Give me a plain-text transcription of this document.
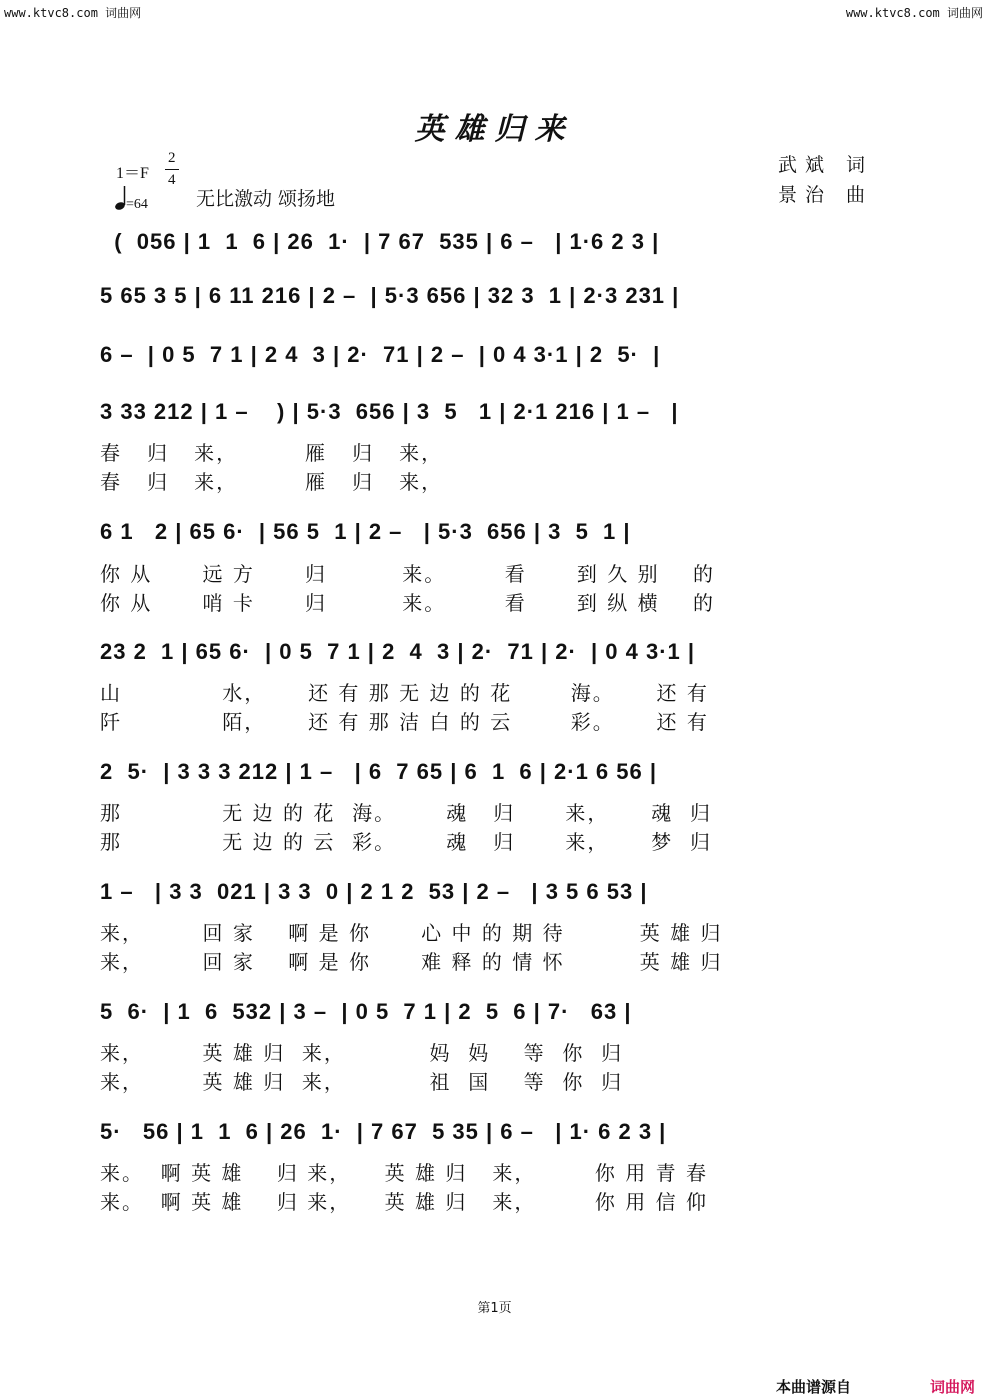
www.ktvc8.com 词曲网	www.ktvc8.com 词曲网
英雄归来
1＝F
2
4
=64	无比激动 颂扬地
武斌 词
景治 曲
(  056 | 1  1  6 | 26  1·  | 7 67  535 | 6 –   | 1·6 2 3 |
5 65 3 5 | 6 11 216 | 2 –  | 5·3 656 | 32 3  1 | 2·3 231 |
6 –  | 0 5  7 1 | 2 4  3 | 2·  71 | 2 –  | 0 4 3·1 | 2  5·  |
3 33 212 | 1 –    ) | 5·3  656 | 3  5   1 | 2·1 216 | 1 –   |
春   归   来，        雁   归   来，
春   归   来，        雁   归   来，
6 1   2 | 65 6·  | 56 5  1 | 2 –   | 5·3  656 | 3  5  1 |
你 从      远 方      归         来。       看      到 久 别    的
你 从      哨 卡      归         来。       看      到 纵 横    的
23 2  1 | 65 6·  | 0 5  7 1 | 2  4  3 | 2·  71 | 2·  | 0 4 3·1 |
山            水，     还 有 那 无 边 的 花       海。     还 有
阡            陌，     还 有 那 洁 白 的 云       彩。     还 有
2  5·  | 3 3 3 212 | 1 –   | 6  7 65 | 6  1  6 | 2·1 6 56 |
那            无 边 的 花  海。      魂   归      来，     魂  归
那            无 边 的 云  彩。      魂   归      来，     梦  归
1 –   | 3 3  021 | 3 3  0 | 2 1 2  53 | 2 –   | 3 5 6 53 |
来，       回 家    啊 是 你      心 中 的 期 待         英 雄 归
来，       回 家    啊 是 你      难 释 的 情 怀         英 雄 归
5  6·  | 1  6  532 | 3 –  | 0 5  7 1 | 2  5  6 | 7·   63 |
来，       英 雄 归  来，          妈  妈    等  你  归
来，       英 雄 归  来，          祖  国    等  你  归
5·   56 | 1  1  6 | 26  1·  | 7 67  5 35 | 6 –   | 1· 6 2 3 |
来。  啊 英 雄    归 来，    英 雄 归   来，       你 用 青 春
来。  啊 英 雄    归 来，    英 雄 归   来，       你 用 信 仰
第1页
本曲谱源自	词曲网
